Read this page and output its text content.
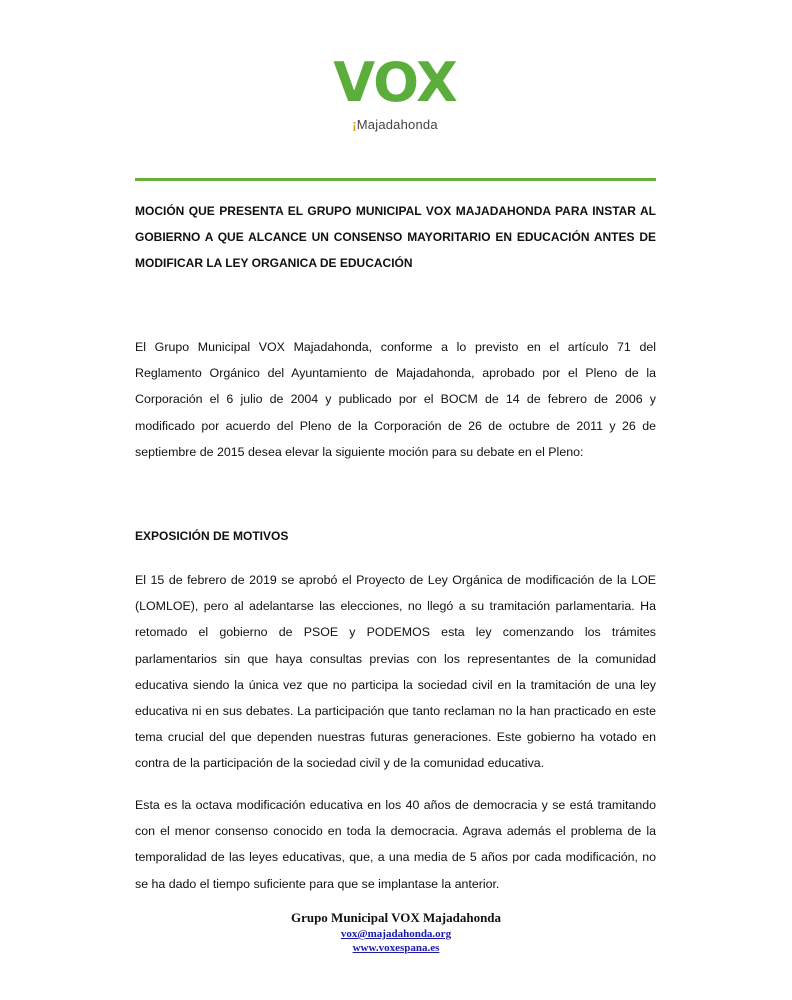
VOX
¡Majadahonda

MOCIÓN QUE PRESENTA EL GRUPO MUNICIPAL VOX MAJADAHONDA PARA INSTAR AL GOBIERNO A QUE ALCANCE UN CONSENSO MAYORITARIO EN EDUCACIÓN ANTES DE MODIFICAR LA LEY ORGANICA DE EDUCACIÓN

El Grupo Municipal VOX Majadahonda, conforme a lo previsto en el artículo 71 del Reglamento Orgánico del Ayuntamiento de Majadahonda, aprobado por el Pleno de la Corporación el 6 julio de 2004 y publicado por el BOCM de 14 de febrero de 2006 y modificado por acuerdo del Pleno de la Corporación de 26 de octubre de 2011 y 26 de septiembre de 2015 desea elevar la siguiente moción para su debate en el Pleno:

EXPOSICIÓN DE MOTIVOS

El 15 de febrero de 2019 se aprobó el Proyecto de Ley Orgánica de modificación de la LOE (LOMLOE), pero al adelantarse las elecciones, no llegó a su tramitación parlamentaria. Ha retomado el gobierno de PSOE y PODEMOS esta ley comenzando los trámites parlamentarios sin que haya consultas previas con los representantes de la comunidad educativa siendo la única vez que no participa la sociedad civil en la tramitación de una ley educativa ni en sus debates. La participación que tanto reclaman no la han practicado en este tema crucial del que dependen nuestras futuras generaciones. Este gobierno ha votado en contra de la participación de la sociedad civil y de la comunidad educativa.

Esta es la octava modificación educativa en los 40 años de democracia y se está tramitando con el menor consenso conocido en toda la democracia. Agrava además el problema de la temporalidad de las leyes educativas, que, a una media de 5 años por cada modificación, no se ha dado el tiempo suficiente para que se implantase la anterior.

Grupo Municipal VOX Majadahonda
vox@majadahonda.org
www.voxespana.es
